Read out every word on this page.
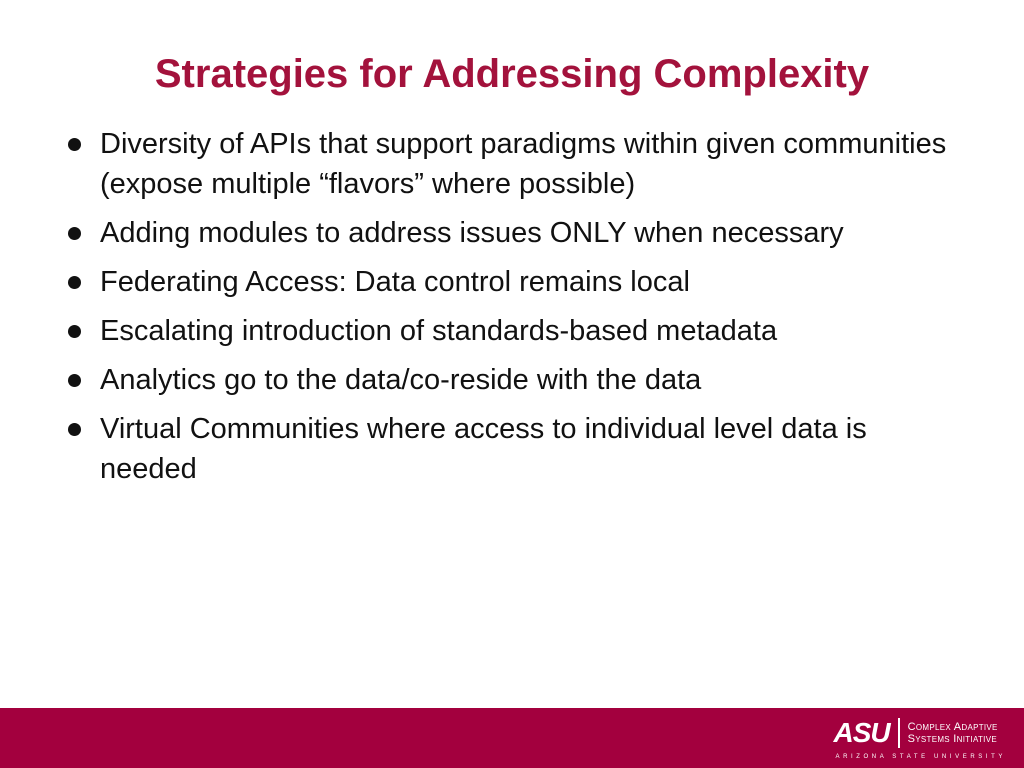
Strategies for Addressing Complexity
Diversity of APIs that support paradigms within given communities (expose multiple “flavors” where possible)
Adding modules to address issues ONLY when necessary
Federating Access: Data control remains local
Escalating introduction of standards-based metadata
Analytics go to the data/co-reside with the data
Virtual Communities where access to individual level data is needed
ASU	Complex Adaptive
Systems Initiative
ARIZONA STATE UNIVERSITY
